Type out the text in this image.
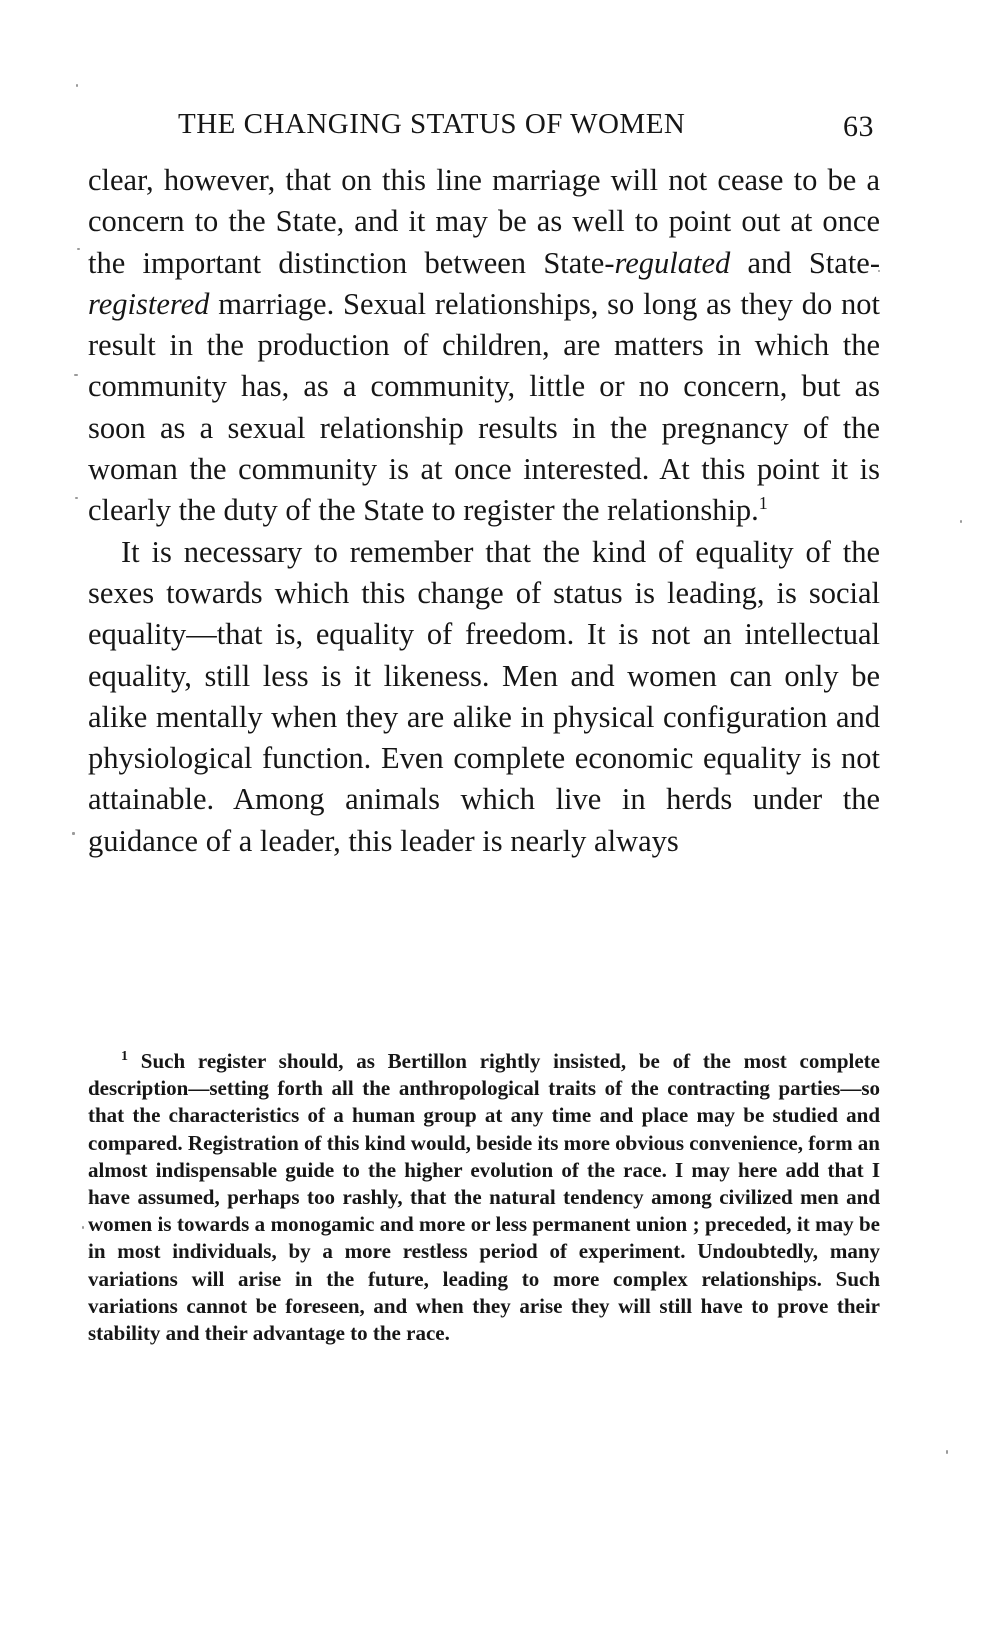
THE CHANGING STATUS OF WOMEN	63

clear, however, that on this line marriage will not cease to be a concern to the State, and it may be as well to point out at once the important distinction between State-regulated and State-registered marriage. Sexual relationships, so long as they do not result in the production of children, are matters in which the community has, as a community, little or no concern, but as soon as a sexual relationship results in the pregnancy of the woman the community is at once interested. At this point it is clearly the duty of the State to register the relationship.$^1$

It is necessary to remember that the kind of equality of the sexes towards which this change of status is leading, is social equality—that is, equality of freedom. It is not an intellectual equality, still less is it likeness. Men and women can only be alike mentally when they are alike in physical configuration and physiological function. Even complete economic equality is not attainable. Among animals which live in herds under the guidance of a leader, this leader is nearly always

$^1$ Such register should, as Bertillon rightly insisted, be of the most complete description—setting forth all the anthropological traits of the contracting parties—so that the characteristics of a human group at any time and place may be studied and compared. Registration of this kind would, beside its more obvious convenience, form an almost indispensable guide to the higher evolution of the race. I may here add that I have assumed, perhaps too rashly, that the natural tendency among civilized men and women is towards a monogamic and more or less permanent union ; preceded, it may be in most individuals, by a more restless period of experiment. Undoubtedly, many variations will arise in the future, leading to more complex relationships. Such variations cannot be foreseen, and when they arise they will still have to prove their stability and their advantage to the race.
